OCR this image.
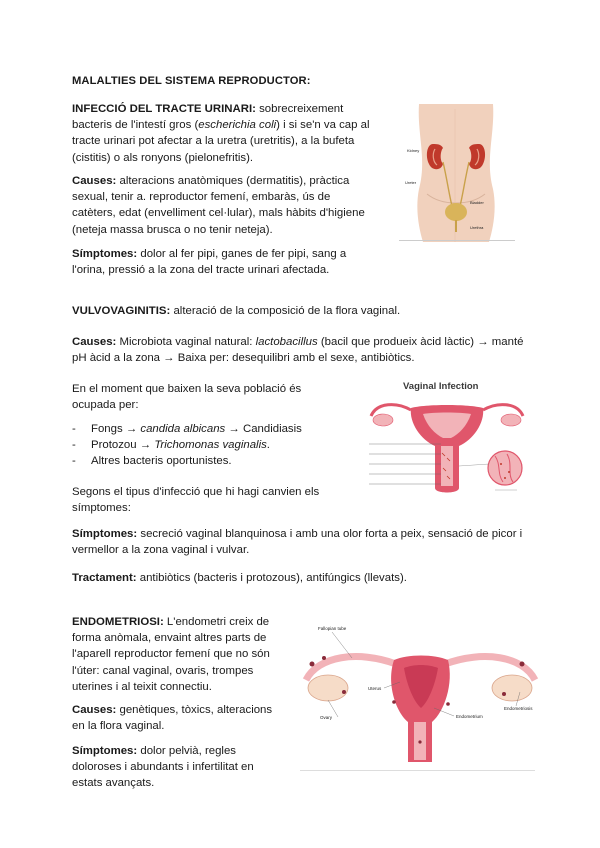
MALALTIES DEL SISTEMA REPRODUCTOR:

INFECCIÓ DEL TRACTE URINARI: sobrecreixement bacteris de l'intestí gros (escherichia coli) i si se'n va cap al tracte urinari pot afectar a la uretra (uretritis), a la bufeta (cistitis) o als ronyons (pielonefritis).

Causes: alteracions anatòmiques (dermatitis), pràctica sexual, tenir a. reproductor femení, embaràs, ús de catèters, edat (envelliment cel·lular), mals hàbits d'higiene (neteja massa brusca o no tenir neteja).

Símptomes: dolor al fer pipi, ganes de fer pipi, sang a l'orina, pressió a la zona del tracte urinari afectada.

Kidney
Ureter
Bladder
Urethra

VULVOVAGINITIS: alteració de la composició de la flora vaginal.

Causes: Microbiota vaginal natural: lactobacillus (bacil que produeix àcid làctic) → manté pH àcid a la zona → Baixa per: desequilibri amb el sexe, antibiòtics.

En el moment que baixen la seva població és ocupada per:

- Fongs → candida albicans → Candidiasis
- Protozou → Trichomonas vaginalis.
- Altres bacteris oportunistes.

Segons el tipus d'infecció que hi hagi canvien els símptomes:

Símptomes: secreció vaginal blanquinosa i amb una olor forta a peix, sensació de picor i vermellor a la zona vaginal i vulvar.

Tractament: antibiòtics (bacteris i protozous), antifúngics (llevats).

Vaginal Infection

ENDOMETRIOSI: L'endometri creix de forma anòmala, envaint altres parts de l'aparell reproductor femení que no són l'úter: canal vaginal, ovaris, trompes uterines i al teixit connectiu.

Causes: genètiques, tòxics, alteracions en la flora vaginal.

Símptomes: dolor pelvià, regles doloroses i abundants i infertilitat en estats avançats.

Fallopian tube
Uterus
Ovary	Endometrium
Endometriosis
